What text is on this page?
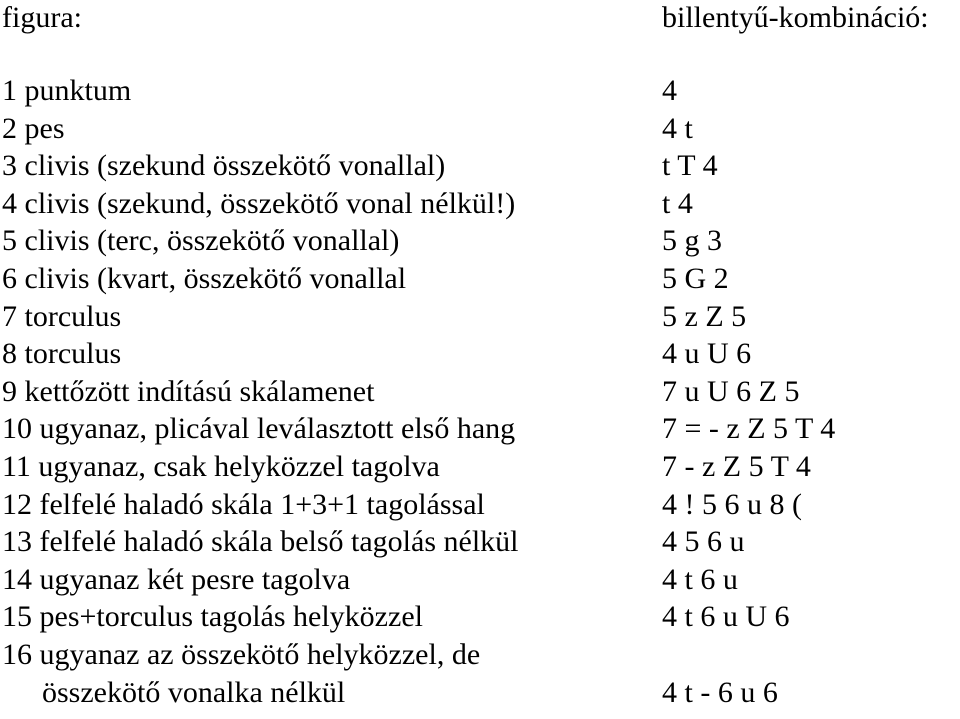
figura:	billentyű-kombináció:
1 punktum	4
2 pes	4 t
3 clivis (szekund összekötő vonallal)	t T 4
4 clivis (szekund, összekötő vonal nélkül!)	t 4
5 clivis (terc, összekötő vonallal)	5 g 3
6 clivis (kvart, összekötő vonallal	5 G 2
7 torculus	5 z Z 5
8 torculus	4 u U 6
9 kettőzött indítású skálamenet	7 u U 6 Z 5
10 ugyanaz, plicával leválasztott első hang	7 = - z Z 5 T 4
11 ugyanaz, csak helyközzel tagolva	7 - z Z 5 T 4
12 felfelé haladó skála 1+3+1 tagolással	4 ! 5 6 u 8 (
13 felfelé haladó skála belső tagolás nélkül	4 5 6 u
14 ugyanaz két pesre tagolva	4 t 6 u
15 pes+torculus tagolás helyközzel	4 t 6 u U 6
16 ugyanaz az összekötő helyközzel, de
összekötő vonalka nélkül	4 t - 6 u 6
